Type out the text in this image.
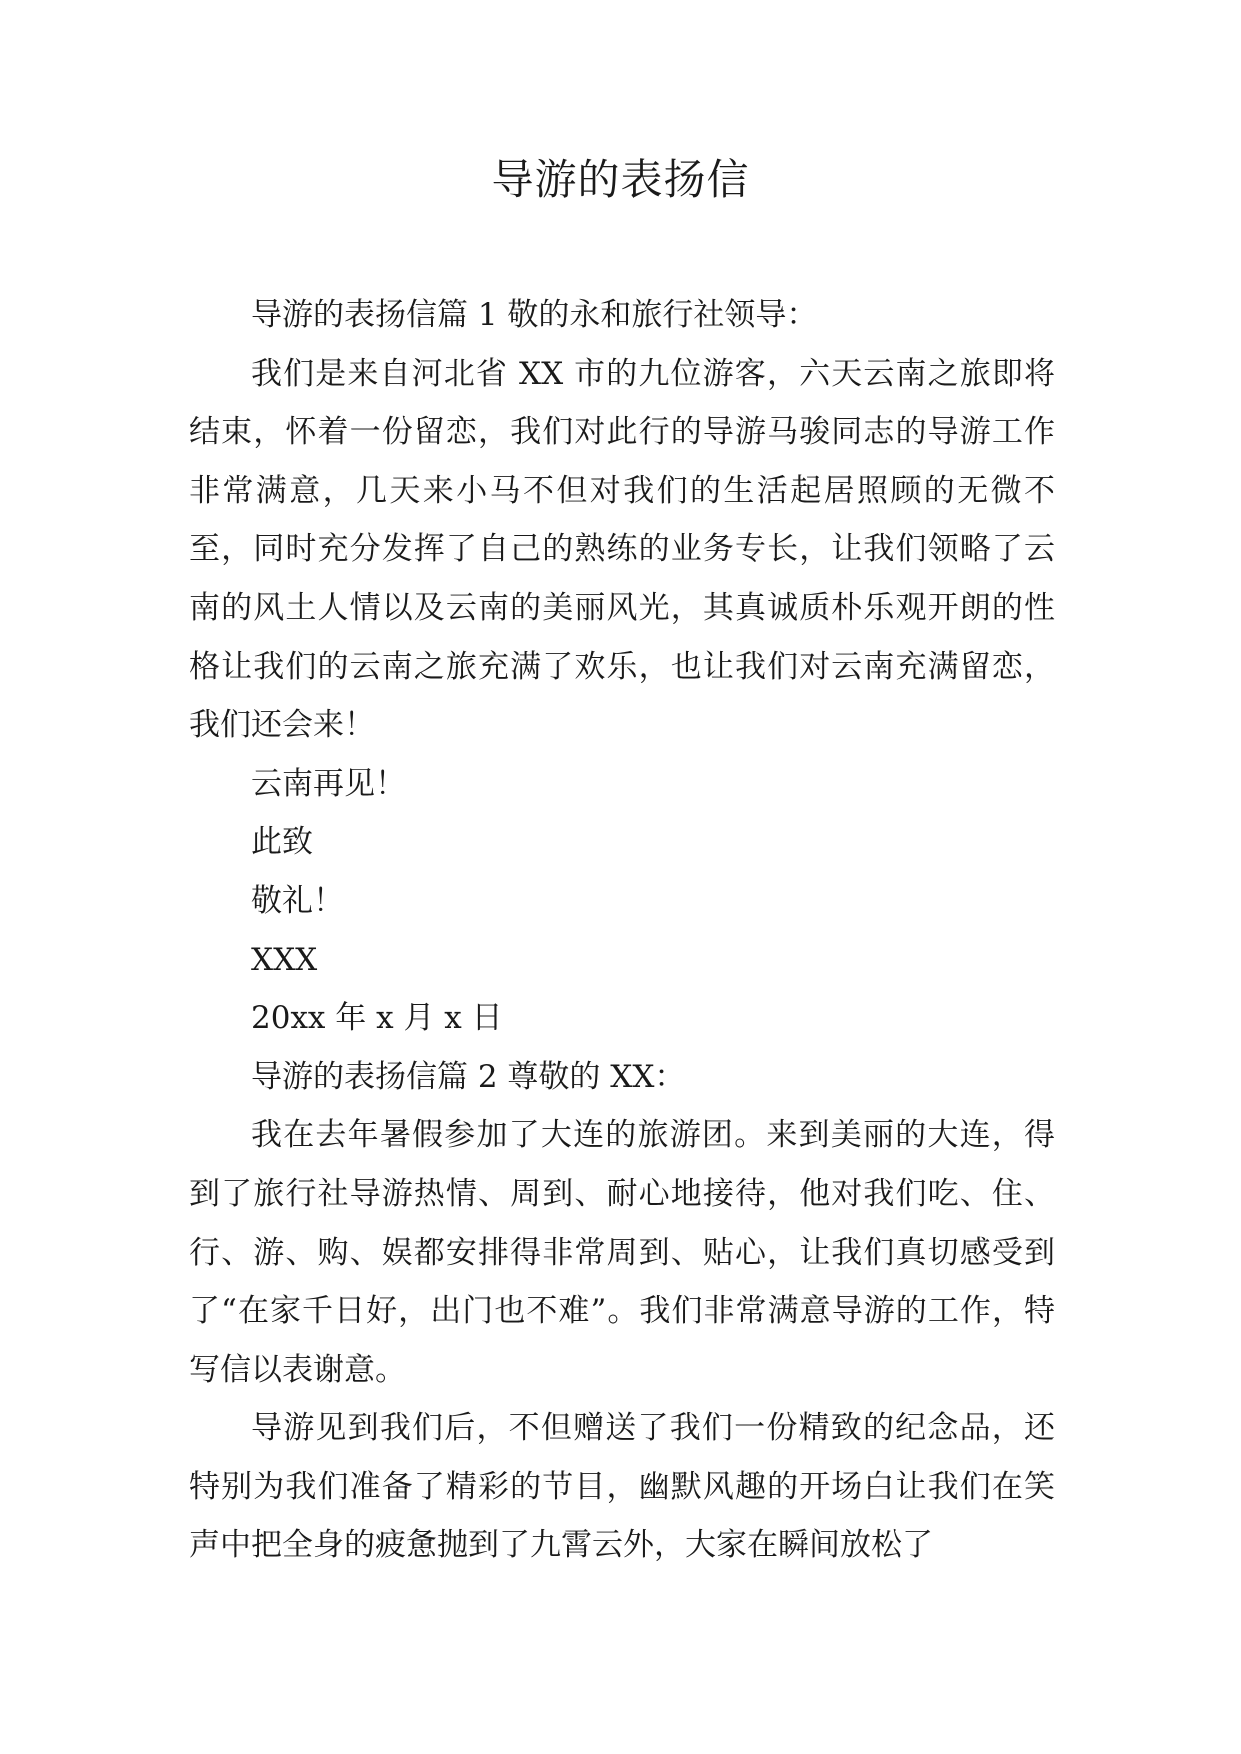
导游的表扬信

导游的表扬信篇 1 敬的永和旅行社领导：

我们是来自河北省 XX 市的九位游客，六天云南之旅即将结束，怀着一份留恋，我们对此行的导游马骏同志的导游工作非常满意，几天来小马不但对我们的生活起居照顾的无微不至，同时充分发挥了自己的熟练的业务专长，让我们领略了云南的风土人情以及云南的美丽风光，其真诚质朴乐观开朗的性格让我们的云南之旅充满了欢乐，也让我们对云南充满留恋，我们还会来！

云南再见！

此致

敬礼！

XXX

20xx 年 x 月 x 日

导游的表扬信篇 2 尊敬的 XX：

我在去年暑假参加了大连的旅游团。来到美丽的大连，得到了旅行社导游热情、周到、耐心地接待，他对我们吃、住、行、游、购、娱都安排得非常周到、贴心，让我们真切感受到了“在家千日好，出门也不难”。我们非常满意导游的工作，特写信以表谢意。

导游见到我们后，不但赠送了我们一份精致的纪念品，还特别为我们准备了精彩的节目，幽默风趣的开场白让我们在笑声中把全身的疲惫抛到了九霄云外，大家在瞬间放松了
